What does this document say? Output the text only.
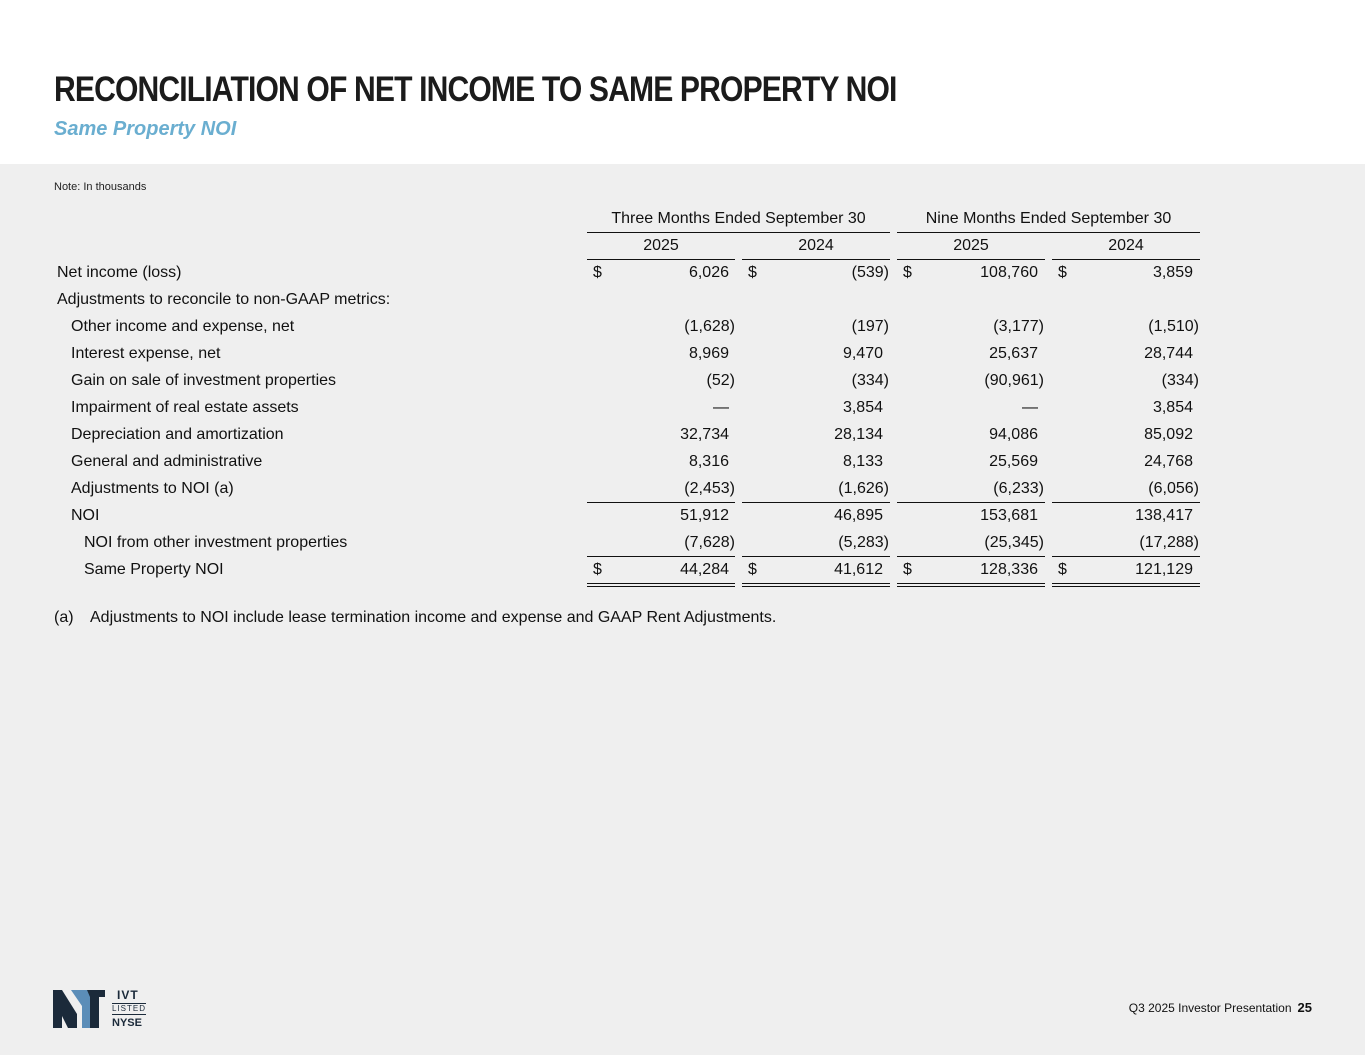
RECONCILIATION OF NET INCOME TO SAME PROPERTY NOI
Same Property NOI
Note: In thousands
Three Months Ended September 30	Nine Months Ended September 30
2025	2024	2025	2024
Net income (loss)	$	6,026 $	(539) $	108,760 $	3,859
Adjustments to reconcile to non-GAAP metrics:
Other income and expense, net	(1,628)	(197)	(3,177)	(1,510)
Interest expense, net	8,969	9,470	25,637	28,744
Gain on sale of investment properties	(52)	(334)	(90,961)	(334)
Impairment of real estate assets	—	3,854	—	3,854
Depreciation and amortization	32,734	28,134	94,086	85,092
General and administrative	8,316	8,133	25,569	24,768
Adjustments to NOI (a)	(2,453)	(1,626)	(6,233)	(6,056)
NOI	51,912	46,895	153,681	138,417
NOI from other investment properties	(7,628)	(5,283)	(25,345)	(17,288)
Same Property NOI	$	44,284 $	41,612 $	128,336 $	121,129
(a) Adjustments to NOI include lease termination income and expense and GAAP Rent Adjustments.
IVT
LISTED
NYSE
Q3 2025 Investor Presentation 25
